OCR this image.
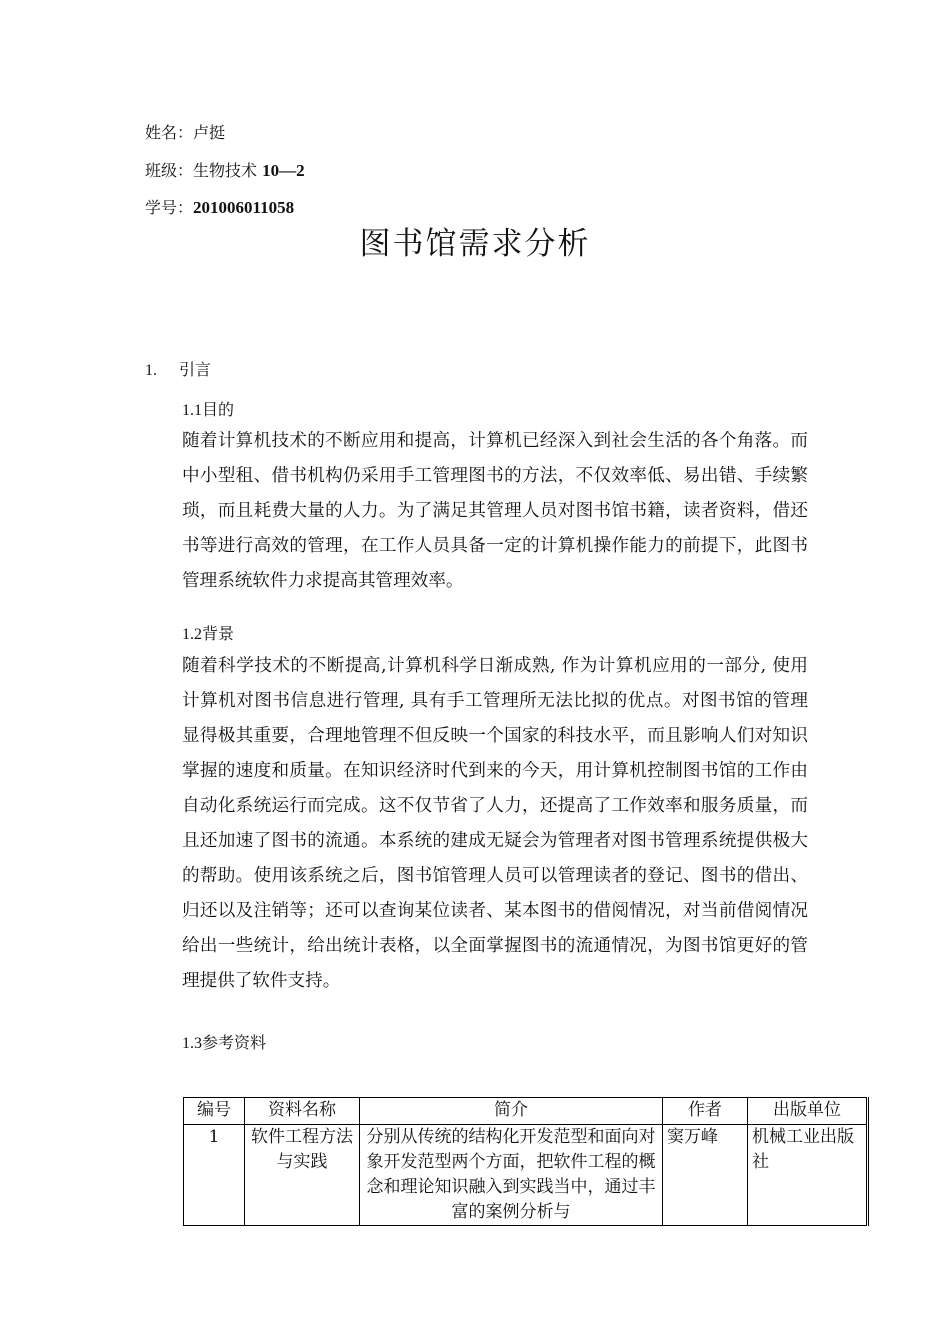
姓名：卢挺
班级：生物技术 10—2
学号：201006011058
图书馆需求分析
1. 引言
1.1目的

随着计算机技术的不断应用和提高，计算机已经深入到社会生活的各个角落。而中小型租、借书机构仍采用手工管理图书的方法，不仅效率低、易出错、手续繁琐，而且耗费大量的人力。为了满足其管理人员对图书馆书籍，读者资料，借还书等进行高效的管理，在工作人员具备一定的计算机操作能力的前提下，此图书管理系统软件力求提高其管理效率。

1.2背景

随着科学技术的不断提高,计算机科学日渐成熟, 作为计算机应用的一部分, 使用计算机对图书信息进行管理, 具有手工管理所无法比拟的优点。对图书馆的管理显得极其重要，合理地管理不但反映一个国家的科技水平，而且影响人们对知识掌握的速度和质量。在知识经济时代到来的今天，用计算机控制图书馆的工作由自动化系统运行而完成。这不仅节省了人力，还提高了工作效率和服务质量，而且还加速了图书的流通。本系统的建成无疑会为管理者对图书管理系统提供极大的帮助。使用该系统之后，图书馆管理人员可以管理读者的登记、图书的借出、归还以及注销等；还可以查询某位读者、某本图书的借阅情况，对当前借阅情况给出一些统计，给出统计表格，以全面掌握图书的流通情况，为图书馆更好的管理提供了软件支持。

1.3参考资料
编号	资料名称	简介	作者	出版单位
1	软件工程方法与实践	分别从传统的结构化开发范型和面向对象开发范型两个方面，把软件工程的概念和理论知识融入到实践当中，通过丰富的案例分析与	窦万峰	机械工业出版社
